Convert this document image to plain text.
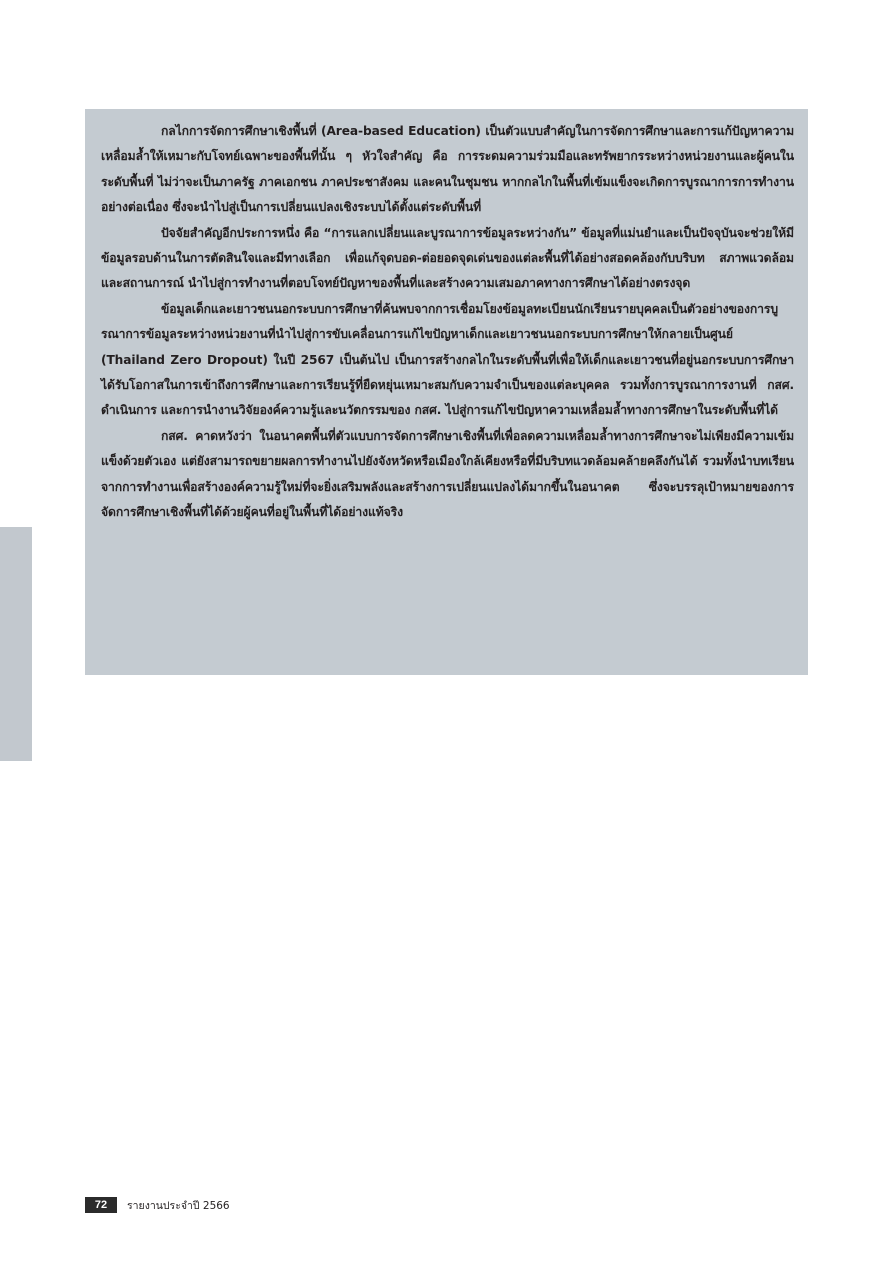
กลไกการจัดการศึกษาเชิงพื้นที่ (Area-based Education) เป็นตัวแบบสำคัญในการจัดการศึกษาและการแก้ปัญหาความเหลื่อมล้ำให้เหมาะกับโจทย์เฉพาะของพื้นที่นั้น ๆ หัวใจสำคัญ คือ การระดมความร่วมมือและทรัพยากรระหว่างหน่วยงานและผู้คนในระดับพื้นที่ ไม่ว่าจะเป็นภาครัฐ ภาคเอกชน ภาคประชาสังคม และคนในชุมชน หากกลไกในพื้นที่เข้มแข็งจะเกิดการบูรณาการการทำงานอย่างต่อเนื่อง ซึ่งจะนำไปสู่เป็นการเปลี่ยนแปลงเชิงระบบได้ตั้งแต่ระดับพื้นที่

ปัจจัยสำคัญอีกประการหนึ่ง คือ “การแลกเปลี่ยนและบูรณาการข้อมูลระหว่างกัน” ข้อมูลที่แม่นยำและเป็นปัจจุบันจะช่วยให้มีข้อมูลรอบด้านในการตัดสินใจและมีทางเลือก เพื่อแก้จุดบอด-ต่อยอดจุดเด่นของแต่ละพื้นที่ได้อย่างสอดคล้องกับบริบท สภาพแวดล้อม และสถานการณ์ นำไปสู่การทำงานที่ตอบโจทย์ปัญหาของพื้นที่และสร้างความเสมอภาคทางการศึกษาได้อย่างตรงจุด

ข้อมูลเด็กและเยาวชนนอกระบบการศึกษาที่ค้นพบจากการเชื่อมโยงข้อมูลทะเบียนนักเรียนรายบุคคลเป็นตัวอย่างของการบูรณาการข้อมูลระหว่างหน่วยงานที่นำไปสู่การขับเคลื่อนการแก้ไขปัญหาเด็กและเยาวชนนอกระบบการศึกษาให้กลายเป็นศูนย์ (Thailand Zero Dropout) ในปี 2567 เป็นต้นไป เป็นการสร้างกลไกในระดับพื้นที่เพื่อให้เด็กและเยาวชนที่อยู่นอกระบบการศึกษาได้รับโอกาสในการเข้าถึงการศึกษาและการเรียนรู้ที่ยืดหยุ่นเหมาะสมกับความจำเป็นของแต่ละบุคคล รวมทั้งการบูรณาการงานที่ กสศ. ดำเนินการ และการนำงานวิจัยองค์ความรู้และนวัตกรรมของ กสศ. ไปสู่การแก้ไขปัญหาความเหลื่อมล้ำทางการศึกษาในระดับพื้นที่ได้

กสศ. คาดหวังว่า ในอนาคตพื้นที่ตัวแบบการจัดการศึกษาเชิงพื้นที่เพื่อลดความเหลื่อมล้ำทางการศึกษาจะไม่เพียงมีความเข้มแข็งด้วยตัวเอง แต่ยังสามารถขยายผลการทำงานไปยังจังหวัดหรือเมืองใกล้เคียงหรือที่มีบริบทแวดล้อมคล้ายคลึงกันได้ รวมทั้งนำบทเรียนจากการทำงานเพื่อสร้างองค์ความรู้ใหม่ที่จะยิ่งเสริมพลังและสร้างการเปลี่ยนแปลงได้มากขึ้นในอนาคต ซึ่งจะบรรลุเป้าหมายของการจัดการศึกษาเชิงพื้นที่ได้ด้วยผู้คนที่อยู่ในพื้นที่ได้อย่างแท้จริง

72	รายงานประจำปี 2566
